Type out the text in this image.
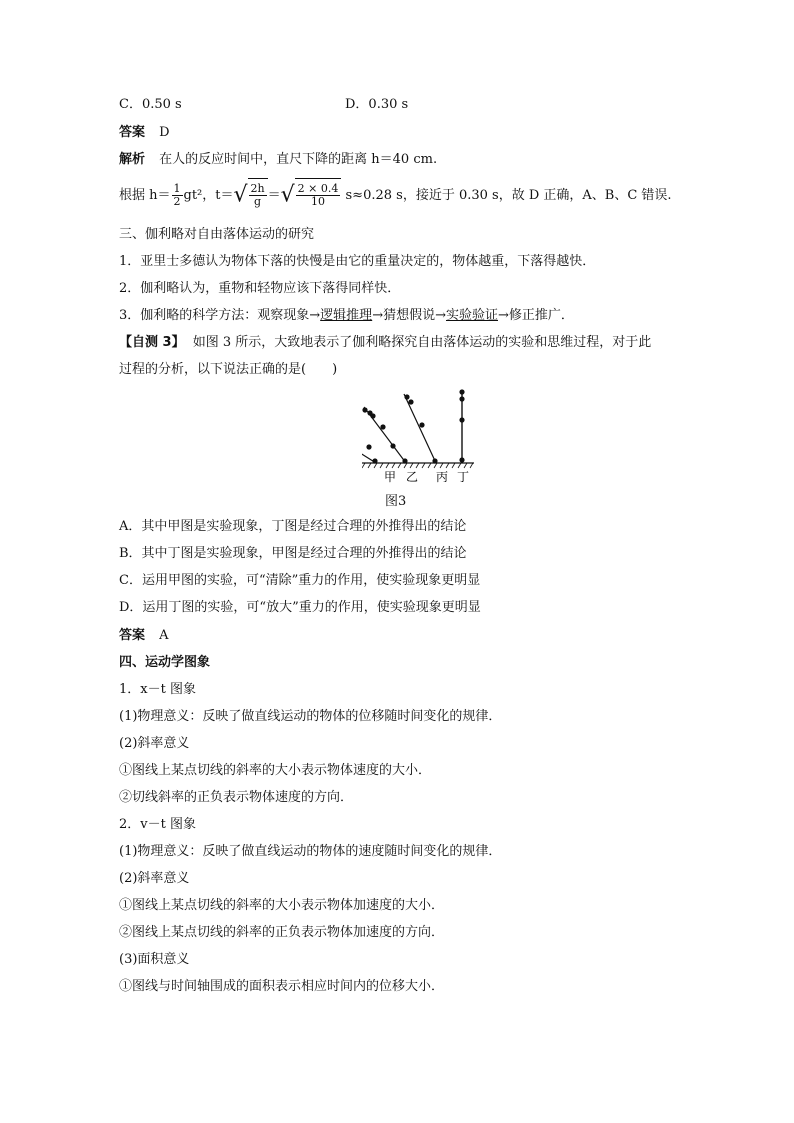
C．0.50 s	D．0.30 s
答案 D
解析 在人的反应时间中，直尺下降的距离 h＝40 cm.
根据 $h= \frac{1}{2} gt^2$，$t=√ \frac{2h}{g}$ ＝√ $\frac{2 \times 0.4}{10} s\approx 0.28$ s，接近于 0.30 s，故 D 正确，A、B、C 错误.
三、伽利略对自由落体运动的研究
1．亚里士多德认为物体下落的快慢是由它的重量决定的，物体越重，下落得越快．
2．伽利略认为，重物和轻物应该下落得同样快．
3．伽利略的科学方法：观察现象→逻辑推理→猜想假说→实验验证→修正推广．
【自测 3】 如图 3 所示，大致地表示了伽利略探究自由落体运动的实验和思维过程，对于此
过程的分析，以下说法正确的是(　　)
甲 乙 丙 丁
图3
A．其中甲图是实验现象，丁图是经过合理的外推得出的结论
B．其中丁图是实验现象，甲图是经过合理的外推得出的结论
C．运用甲图的实验，可“清除”重力的作用，使实验现象更明显
D．运用丁图的实验，可“放大”重力的作用，使实验现象更明显
答案 A
四、运动学图象
1．x－t 图象
(1)物理意义：反映了做直线运动的物体的位移随时间变化的规律．
(2)斜率意义
①图线上某点切线的斜率的大小表示物体速度的大小．
②切线斜率的正负表示物体速度的方向．
2．v－t 图象
(1)物理意义：反映了做直线运动的物体的速度随时间变化的规律．
(2)斜率意义
①图线上某点切线的斜率的大小表示物体加速度的大小．
②图线上某点切线的斜率的正负表示物体加速度的方向．
(3)面积意义
①图线与时间轴围成的面积表示相应时间内的位移大小．
